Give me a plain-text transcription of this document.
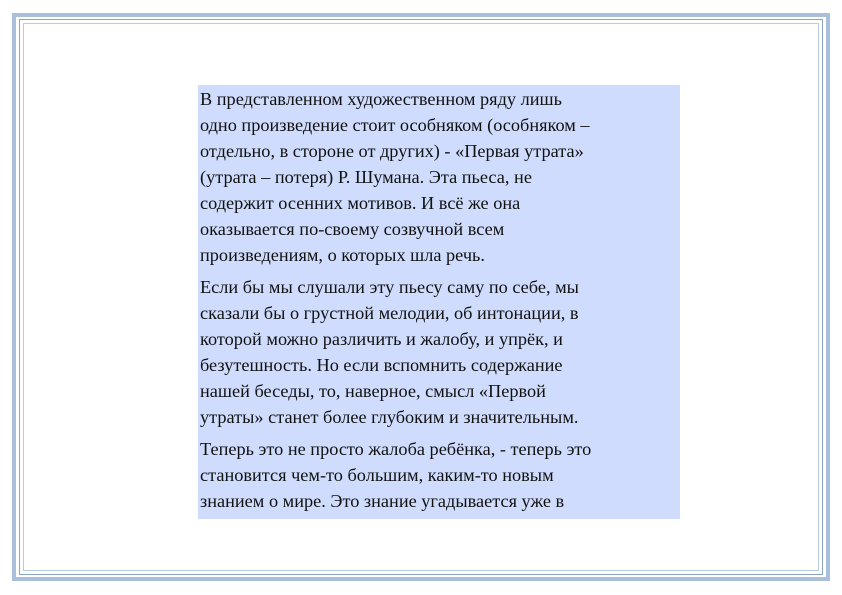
В представленном художественном ряду лишь
одно произведение стоит особняком (особняком –
отдельно, в стороне от других) - «Первая утрата»
(утрата – потеря) Р. Шумана. Эта пьеса, не
содержит осенних мотивов. И всё же она
оказывается по-своему созвучной всем
произведениям, о которых шла речь.

Если бы мы слушали эту пьесу саму по себе, мы
сказали бы о грустной мелодии, об интонации, в
которой можно различить и жалобу, и упрёк, и
безутешность. Но если вспомнить содержание
нашей беседы, то, наверное, смысл «Первой
утраты» станет более глубоким и значительным.

Теперь это не просто жалоба ребёнка, - теперь это
становится чем-то большим, каким-то новым
знанием о мире. Это знание угадывается уже в
